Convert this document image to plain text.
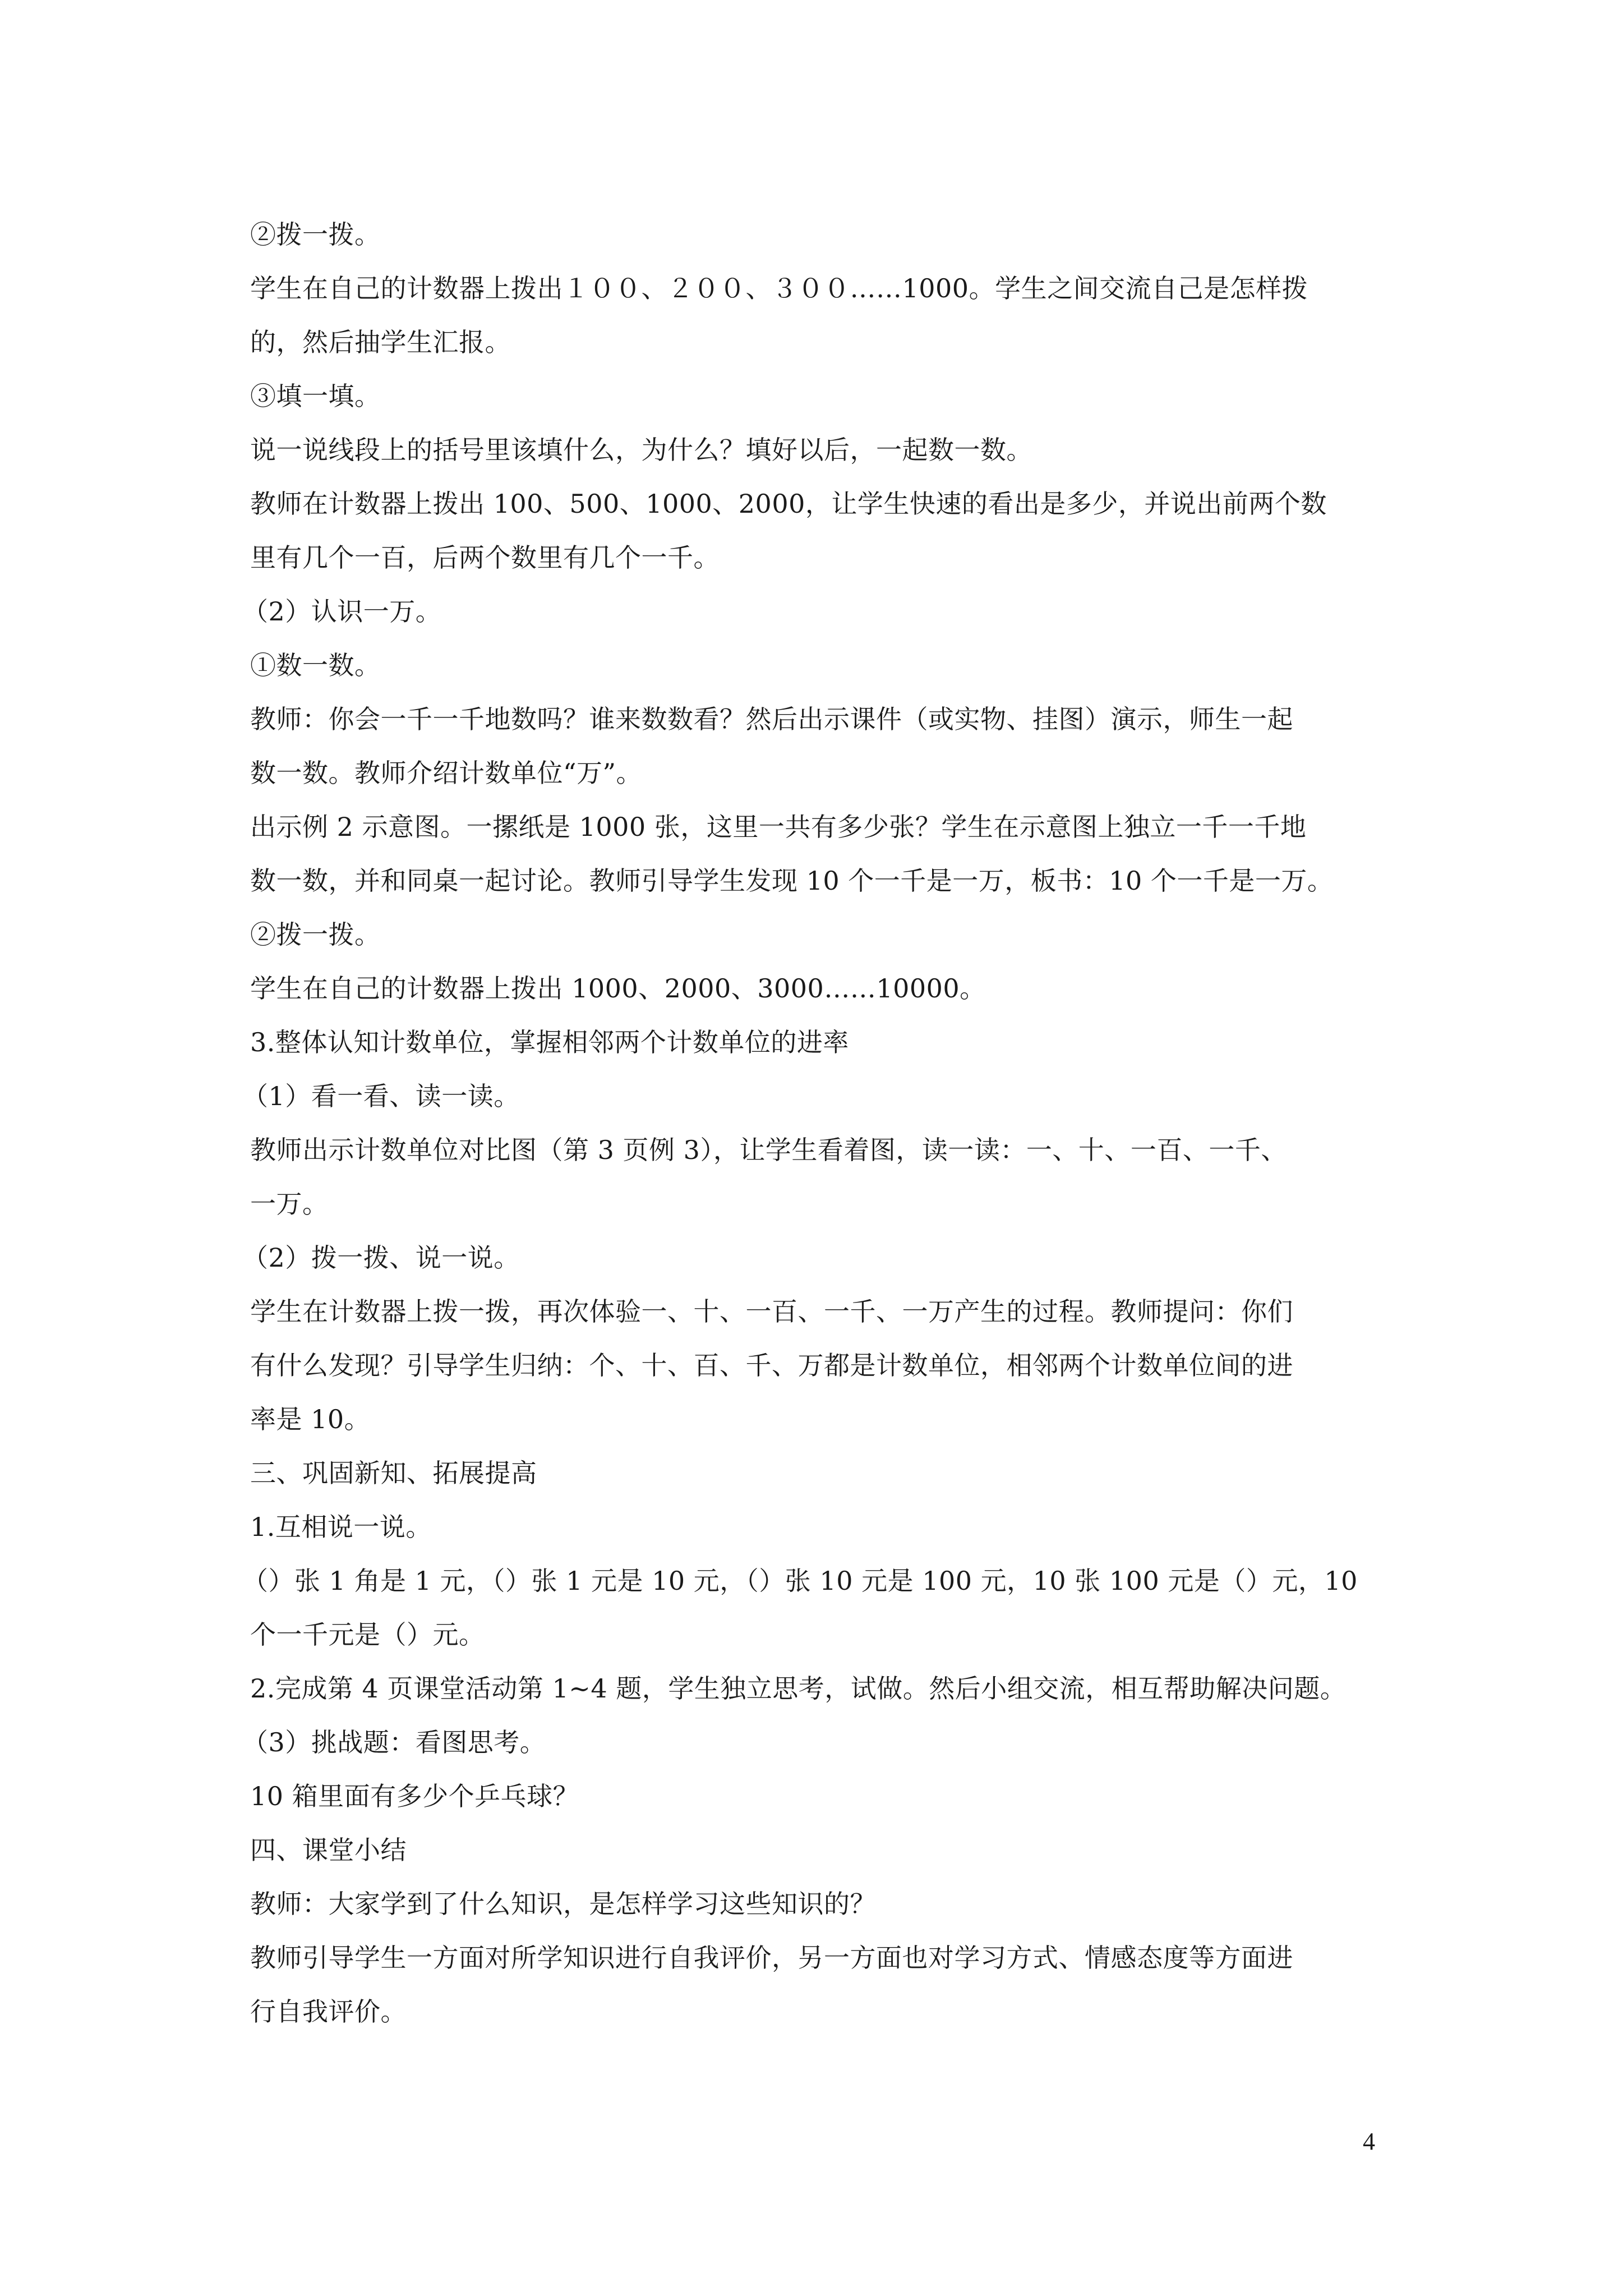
②拨一拨。
学生在自己的计数器上拨出１００、２００、３００……1000。学生之间交流自己是怎样拨
的，然后抽学生汇报。
③填一填。
说一说线段上的括号里该填什么，为什么？填好以后，一起数一数。
教师在计数器上拨出 100、500、1000、2000，让学生快速的看出是多少，并说出前两个数
里有几个一百，后两个数里有几个一千。
（2）认识一万。
①数一数。
教师：你会一千一千地数吗？谁来数数看？然后出示课件（或实物、挂图）演示，师生一起
数一数。教师介绍计数单位“万”。
出示例 2 示意图。一摞纸是 1000 张，这里一共有多少张？学生在示意图上独立一千一千地
数一数，并和同桌一起讨论。教师引导学生发现 10 个一千是一万，板书：10 个一千是一万。
②拨一拨。
学生在自己的计数器上拨出 1000、2000、3000……10000。
3.整体认知计数单位，掌握相邻两个计数单位的进率
（1）看一看、读一读。
教师出示计数单位对比图（第 3 页例 3），让学生看着图，读一读：一、十、一百、一千、
一万。
（2）拨一拨、说一说。
学生在计数器上拨一拨，再次体验一、十、一百、一千、一万产生的过程。教师提问：你们
有什么发现？引导学生归纳：个、十、百、千、万都是计数单位，相邻两个计数单位间的进
率是 10。
三、巩固新知、拓展提高
1.互相说一说。
（）张 1 角是 1 元，（）张 1 元是 10 元，（）张 10 元是 100 元，10 张 100 元是（）元，10
个一千元是（）元。
2.完成第 4 页课堂活动第 1~4 题，学生独立思考，试做。然后小组交流，相互帮助解决问题。
（3）挑战题：看图思考。
10 箱里面有多少个乒乓球？
四、课堂小结
教师：大家学到了什么知识，是怎样学习这些知识的？
教师引导学生一方面对所学知识进行自我评价，另一方面也对学习方式、情感态度等方面进
行自我评价。
4
